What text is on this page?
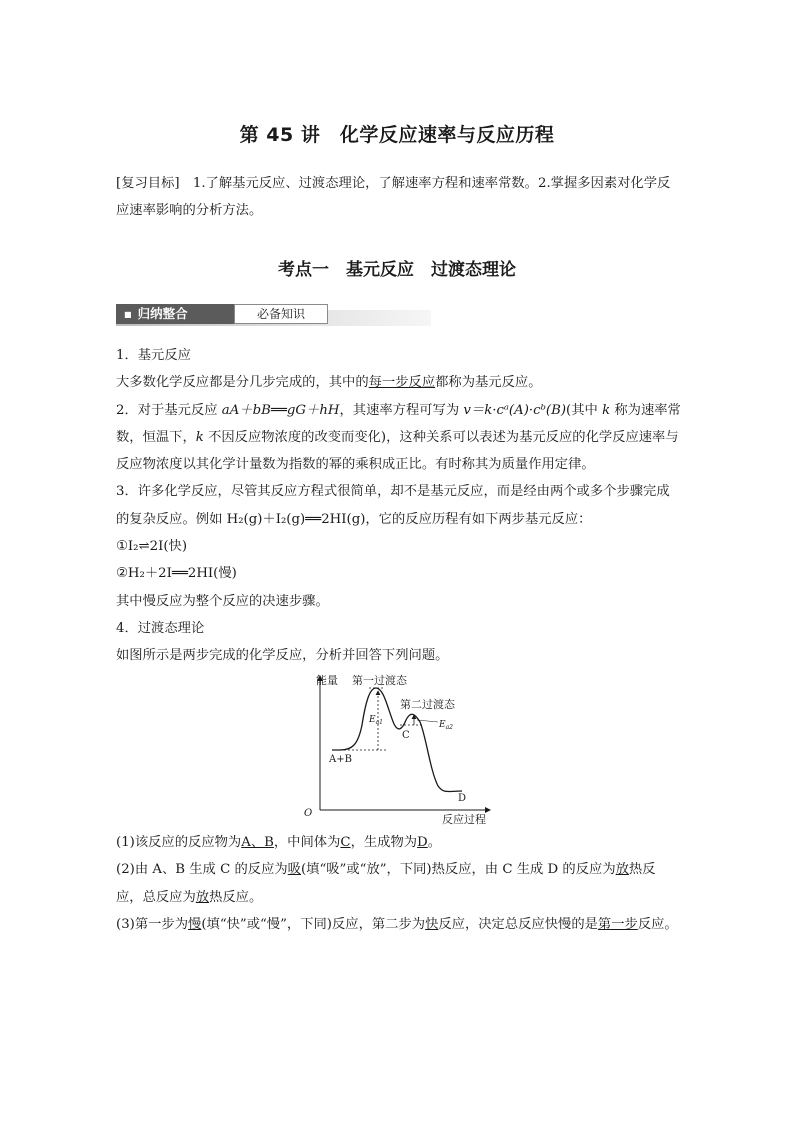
第 45 讲　化学反应速率与反应历程
[复习目标]　1.了解基元反应、过渡态理论，了解速率方程和速率常数。2.掌握多因素对化学反应速率影响的分析方法。
考点一　基元反应　过渡态理论
■ 归纳整合	必备知识

1．基元反应

大多数化学反应都是分几步完成的，其中的每一步反应都称为基元反应。

2．对于基元反应 aA＋bB══gG＋hH，其速率方程可写为 v＝k·cᵃ(A)·cᵇ(B)(其中 k 称为速率常数，恒温下，k 不因反应物浓度的改变而变化)，这种关系可以表述为基元反应的化学反应速率与反应物浓度以其化学计量数为指数的幂的乘积成正比。有时称其为质量作用定律。

3．许多化学反应，尽管其反应方程式很简单，却不是基元反应，而是经由两个或多个步骤完成的复杂反应。例如 H₂(g)＋I₂(g)══2HI(g)，它的反应历程有如下两步基元反应：

①I₂⇌2I(快)

②H₂＋2I══2HI(慢)

其中慢反应为整个反应的决速步骤。

4．过渡态理论

如图所示是两步完成的化学反应，分析并回答下列问题。

能量
反应过程
O
第一过渡态
第二过渡态
$E_{a1}$	$E_{a2}$
A+B
C
D

(1)该反应的反应物为A、B，中间体为C，生成物为D。

(2)由 A、B 生成 C 的反应为吸(填“吸”或“放”，下同)热反应，由 C 生成 D 的反应为放热反应，总反应为放热反应。

(3)第一步为慢(填“快”或“慢”，下同)反应，第二步为快反应，决定总反应快慢的是第一步反应。
